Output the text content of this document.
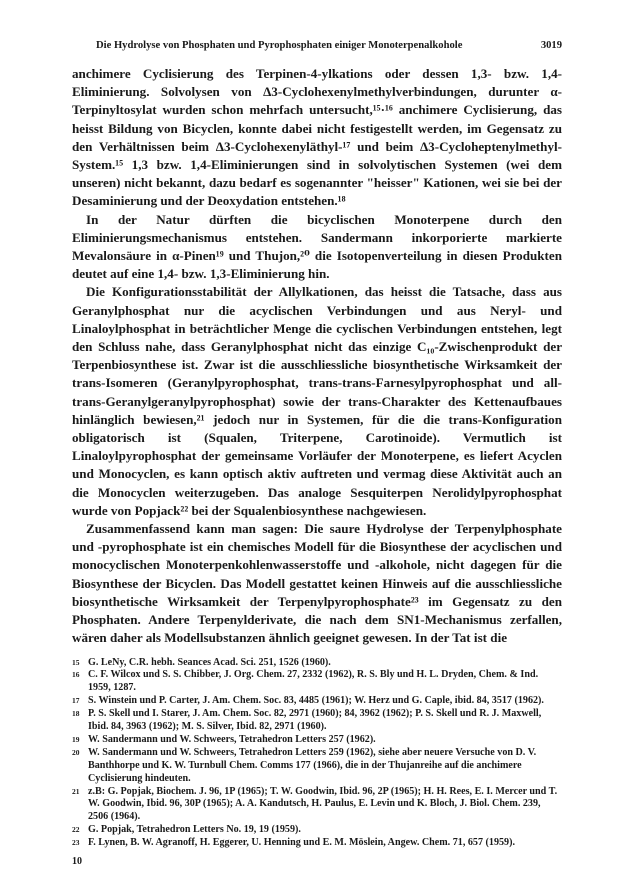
Die Hydrolyse von Phosphaten und Pyrophosphaten einiger Monoterpenalkohole	3019

anchimere Cyclisierung des Terpinen-4-ylkations oder dessen 1,3- bzw. 1,4-Eliminierung. Solvolysen von Δ3-Cyclohexenylmethylverbindungen, durunter α-Terpinyltosylat wurden schon mehrfach untersucht,¹⁵·¹⁶ anchimere Cyclisierung, das heisst Bildung von Bicyclen, konnte dabei nicht festigestellt werden, im Gegensatz zu den Verhältnissen beim Δ3-Cyclohexenyläthyl-¹⁷ und beim Δ3-Cycloheptenylmethyl-System.¹⁵ 1,3 bzw. 1,4-Eliminierungen sind in solvolytischen Systemen (wei dem unseren) nicht bekannt, dazu bedarf es sogenannter "heisser" Kationen, wei sie bei der Desaminierung und der Deoxydation entstehen.¹⁸

In der Natur dürften die bicyclischen Monoterpene durch den Eliminierungsmechanismus entstehen. Sandermann inkorporierte markierte Mevalonsäure in α-Pinen¹⁹ und Thujon,²⁰ die Isotopenverteilung in diesen Produkten deutet auf eine 1,4- bzw. 1,3-Eliminierung hin.

Die Konfigurationsstabilität der Allylkationen, das heisst die Tatsache, dass aus Geranylphosphat nur die acyclischen Verbindungen und aus Neryl- und Linaloylphosphat in beträchtlicher Menge die cyclischen Verbindungen entstehen, legt den Schluss nahe, dass Geranylphosphat nicht das einzige C₁₀-Zwischenprodukt der Terpenbiosynthese ist. Zwar ist die ausschliessliche biosynthetische Wirksamkeit der trans-Isomeren (Geranylpyrophosphat, trans-trans-Farnesylpyrophosphat und all-trans-Geranylgeranylpyrophosphat) sowie der trans-Charakter des Kettenaufbaues hinlänglich bewiesen,²¹ jedoch nur in Systemen, für die die trans-Konfiguration obligatorisch ist (Squalen, Triterpene, Carotinoide). Vermutlich ist Linaloylpyrophosphat der gemeinsame Vorläufer der Monoterpene, es liefert Acyclen und Monocyclen, es kann optisch aktiv auftreten und vermag diese Aktivität auch an die Monocyclen weiterzugeben. Das analoge Sesquiterpen Nerolidylpyrophosphat wurde von Popjack²² bei der Squalenbiosynthese nachgewiesen.

Zusammenfassend kann man sagen: Die saure Hydrolyse der Terpenylphosphate und -pyrophosphate ist ein chemisches Modell für die Biosynthese der acyclischen und monocyclischen Monoterpenkohlenwasserstoffe und -alkohole, nicht dagegen für die Biosynthese der Bicyclen. Das Modell gestattet keinen Hinweis auf die ausschliessliche biosynthetische Wirksamkeit der Terpenylpyrophosphate²³ im Gegensatz zu den Phosphaten. Andere Terpenylderivate, die nach dem SN1-Mechanismus zerfallen, wären daher als Modellsubstanzen ähnlich geeignet gewesen. In der Tat ist die

15 G. LeNy, C.R. hebh. Seances Acad. Sci. 251, 1526 (1960).
16 C. F. Wilcox und S. S. Chibber, J. Org. Chem. 27, 2332 (1962), R. S. Bly und H. L. Dryden, Chem. & Ind. 1959, 1287.
17 S. Winstein und P. Carter, J. Am. Chem. Soc. 83, 4485 (1961); W. Herz und G. Caple, ibid. 84, 3517 (1962).
18 P. S. Skell und I. Starer, J. Am. Chem. Soc. 82, 2971 (1960); 84, 3962 (1962); P. S. Skell und R. J. Maxwell, Ibid. 84, 3963 (1962); M. S. Silver, Ibid. 82, 2971 (1960).
19 W. Sandermann und W. Schweers, Tetrahedron Letters 257 (1962).
20 W. Sandermann und W. Schweers, Tetrahedron Letters 259 (1962), siehe aber neuere Versuche von D. V. Banthhorpe und K. W. Turnbull Chem. Comms 177 (1966), die in der Thujanreihe auf die anchimere Cyclisierung hindeuten.
21 z.B: G. Popjak, Biochem. J. 96, 1P (1965); T. W. Goodwin, Ibid. 96, 2P (1965); H. H. Rees, E. I. Mercer und T. W. Goodwin, Ibid. 96, 30P (1965); A. A. Kandutsch, H. Paulus, E. Levin und K. Bloch, J. Biol. Chem. 239, 2506 (1964).
22 G. Popjak, Tetrahedron Letters No. 19, 19 (1959).
23 F. Lynen, B. W. Agranoff, H. Eggerer, U. Henning und E. M. Möslein, Angew. Chem. 71, 657 (1959).
10
